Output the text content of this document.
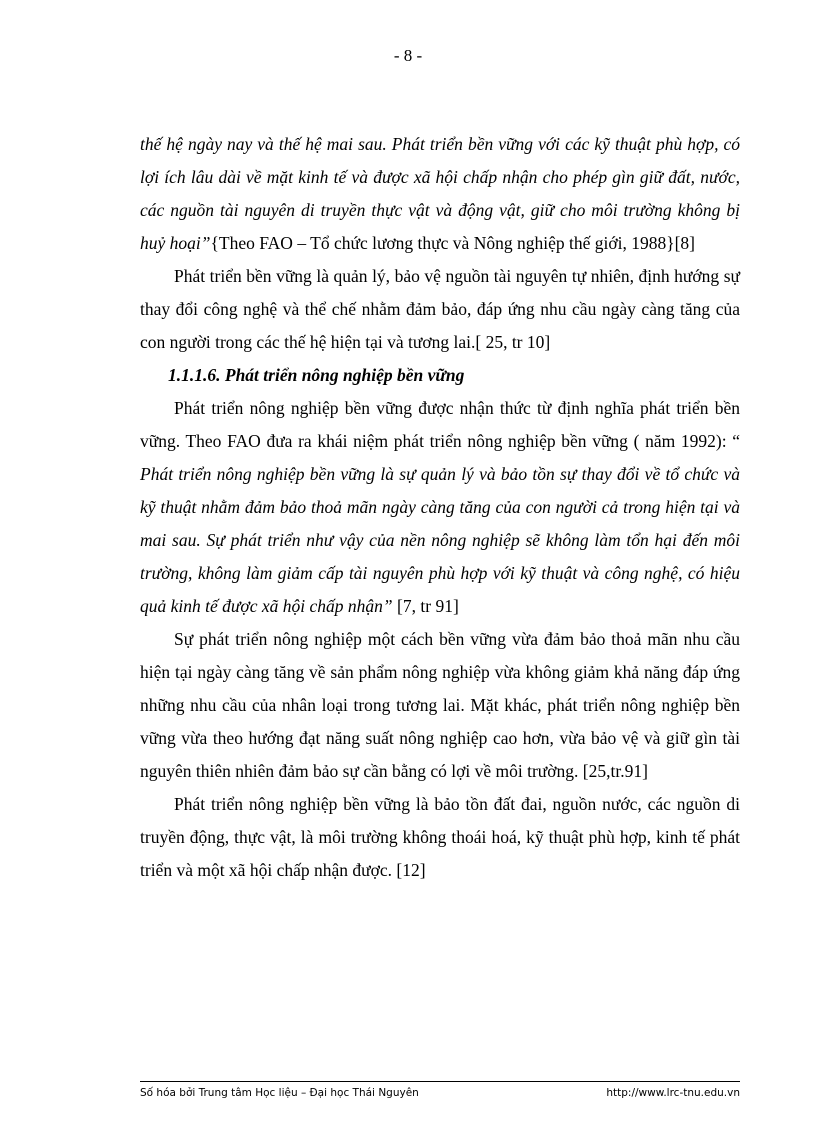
- 8 -

thế hệ ngày nay và thế hệ mai sau. Phát triển bền vững với các kỹ thuật phù hợp, có lợi ích lâu dài về mặt kinh tế và được xã hội chấp nhận cho phép gìn giữ đất, nước, các nguồn tài nguyên di truyền thực vật và động vật, giữ cho môi trường không bị huỷ hoại”{Theo FAO – Tổ chức lương thực và Nông nghiệp thế giới, 1988}[8]

Phát triển bền vững là quản lý, bảo vệ nguồn tài nguyên tự nhiên, định hướng sự thay đổi công nghệ và thể chế nhằm đảm bảo, đáp ứng nhu cầu ngày càng tăng của con người trong các thế hệ hiện tại và tương lai.[ 25, tr 10]

1.1.1.6. Phát triển nông nghiệp bền vững

Phát triển nông nghiệp bền vững được nhận thức từ định nghĩa phát triển bền vững. Theo FAO đưa ra khái niệm phát triển nông nghiệp bền vững ( năm 1992): “ Phát triển nông nghiệp bền vững là sự quản lý và bảo tồn sự thay đổi về tổ chức và kỹ thuật nhằm đảm bảo thoả mãn ngày càng tăng của con người cả trong hiện tại và mai sau. Sự phát triển như vậy của nền nông nghiệp sẽ không làm tổn hại đến môi trường, không làm giảm cấp tài nguyên phù hợp với kỹ thuật và công nghệ, có hiệu quả kinh tế được xã hội chấp nhận” [7, tr 91]

Sự phát triển nông nghiệp một cách bền vững vừa đảm bảo thoả mãn nhu cầu hiện tại ngày càng tăng về sản phẩm nông nghiệp vừa không giảm khả năng đáp ứng những nhu cầu của nhân loại trong tương lai. Mặt khác, phát triển nông nghiệp bền vững vừa theo hướng đạt năng suất nông nghiệp cao hơn, vừa bảo vệ và giữ gìn tài nguyên thiên nhiên đảm bảo sự cần bằng có lợi về môi trường. [25,tr.91]

Phát triển nông nghiệp bền vững là bảo tồn đất đai, nguồn nước, các nguồn di truyền động, thực vật, là môi trường không thoái hoá, kỹ thuật phù hợp, kinh tế phát triển và một xã hội chấp nhận được. [12]

Số hóa bởi Trung tâm Học liệu – Đại học Thái Nguyên	http://www.lrc-tnu.edu.vn
